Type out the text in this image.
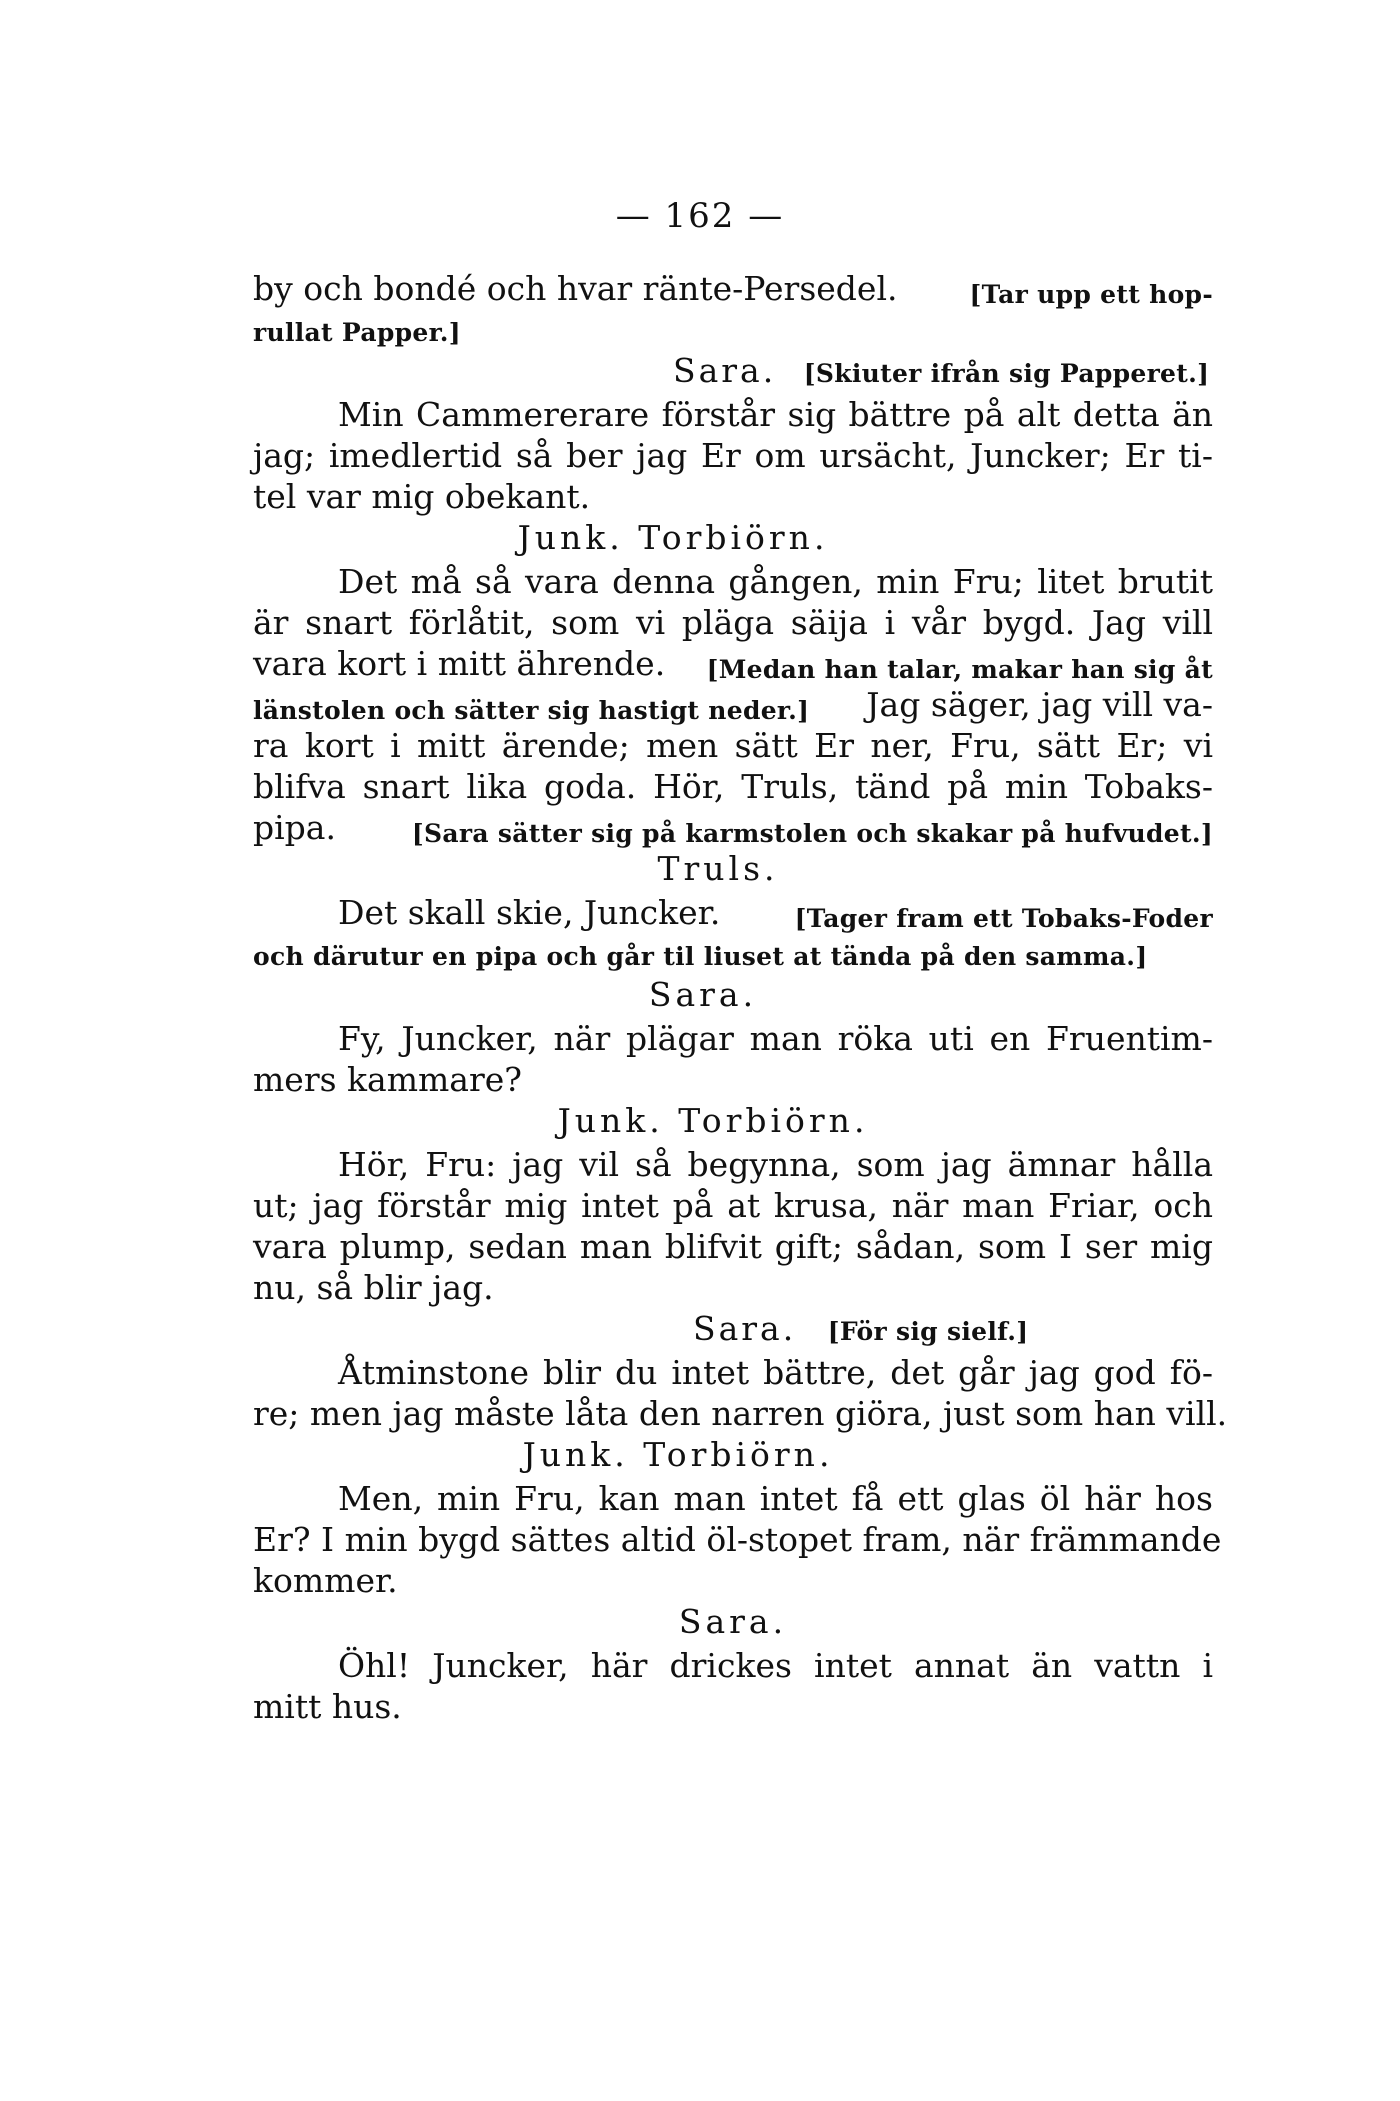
— 162 —
by och bondé och hvar ränte-Persedel.	[Tar upp ett hop-
rullat Papper.]
Sara. [Skiuter ifrån sig Papperet.]
Min Cammererare förstår sig bättre på alt detta än
jag; imedlertid så ber jag Er om ursächt, Juncker; Er ti-
tel var mig obekant.
Junk. Torbiörn.
Det må så vara denna gången, min Fru; litet brutit
är snart förlåtit, som vi pläga säija i vår bygd. Jag vill
vara kort i mitt ährende. [Medan han talar, makar han sig åt
länstolen och sätter sig hastigt neder.] Jag säger, jag vill va-
ra kort i mitt ärende; men sätt Er ner, Fru, sätt Er; vi
blifva snart lika goda. Hör, Truls, tänd på min Tobaks-
pipa.	[Sara sätter sig på karmstolen och skakar på hufvudet.]
Truls.
Det skall skie, Juncker.	[Tager fram ett Tobaks-Foder
och därutur en pipa och går til liuset at tända på den samma.]
Sara.
Fy, Juncker, när plägar man röka uti en Fruentim-
mers kammare?
Junk. Torbiörn.
Hör, Fru: jag vil så begynna, som jag ämnar hålla
ut; jag förstår mig intet på at krusa, när man Friar, och
vara plump, sedan man blifvit gift; sådan, som I ser mig
nu, så blir jag.
Sara. [För sig sielf.]
Åtminstone blir du intet bättre, det går jag god fö-
re; men jag måste låta den narren giöra, just som han vill.
Junk. Torbiörn.
Men, min Fru, kan man intet få ett glas öl här hos
Er? I min bygd sättes altid öl-stopet fram, när främmande
kommer.
Sara.
Öhl! Juncker, här drickes intet annat än vattn i
mitt hus.
